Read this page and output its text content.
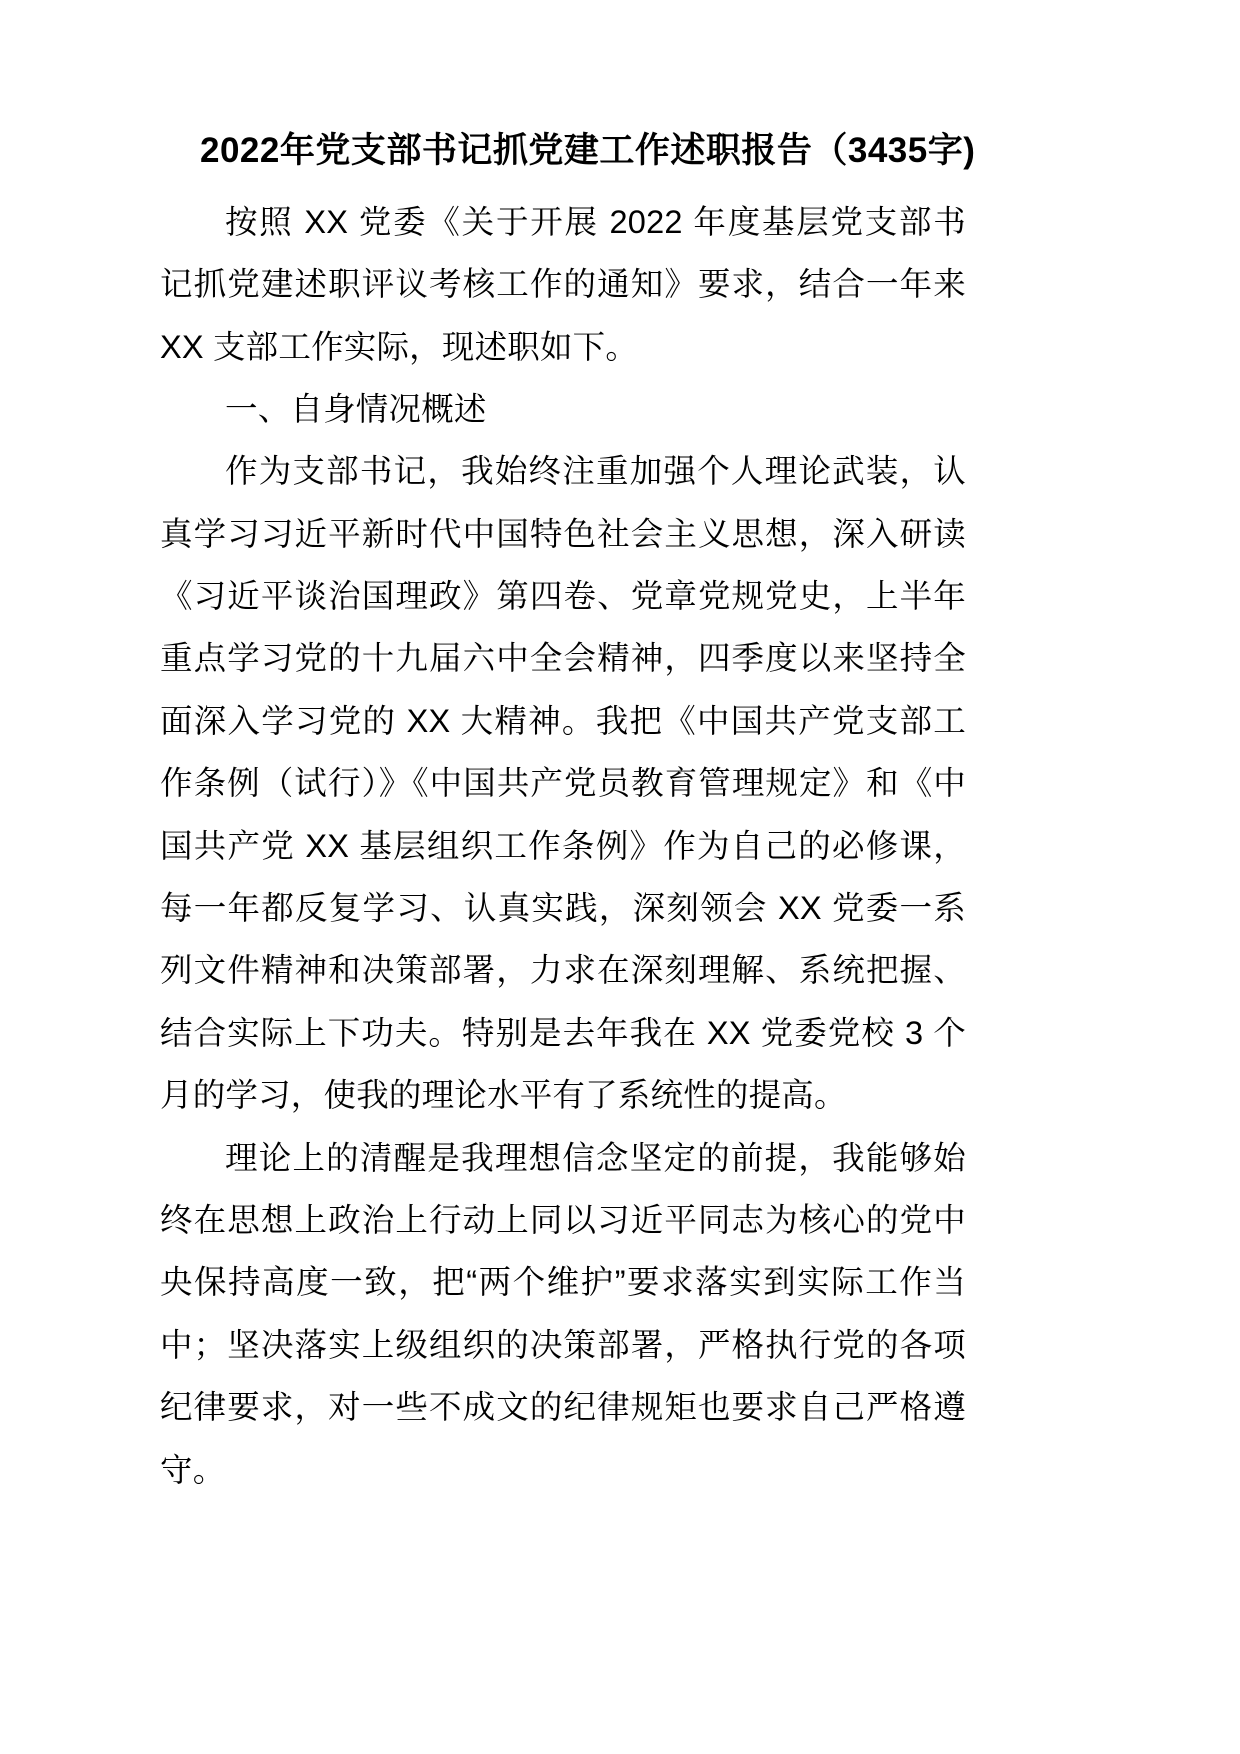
2022年党支部书记抓党建工作述职报告（3435字)

按照 XX 党委《关于开展 2022 年度基层党支部书记抓党建述职评议考核工作的通知》要求，结合一年来 XX 支部工作实际，现述职如下。

一、自身情况概述

作为支部书记，我始终注重加强个人理论武装，认真学习习近平新时代中国特色社会主义思想，深入研读《习近平谈治国理政》第四卷、党章党规党史，上半年重点学习党的十九届六中全会精神，四季度以来坚持全面深入学习党的 XX 大精神。我把《中国共产党支部工作条例（试行）》《中国共产党员教育管理规定》和《中国共产党 XX 基层组织工作条例》作为自己的必修课，每一年都反复学习、认真实践，深刻领会 XX 党委一系列文件精神和决策部署，力求在深刻理解、系统把握、结合实际上下功夫。特别是去年我在 XX 党委党校 3 个月的学习，使我的理论水平有了系统性的提高。

理论上的清醒是我理想信念坚定的前提，我能够始终在思想上政治上行动上同以习近平同志为核心的党中央保持高度一致，把“两个维护”要求落实到实际工作当中；坚决落实上级组织的决策部署，严格执行党的各项纪律要求，对一些不成文的纪律规矩也要求自己严格遵守。
